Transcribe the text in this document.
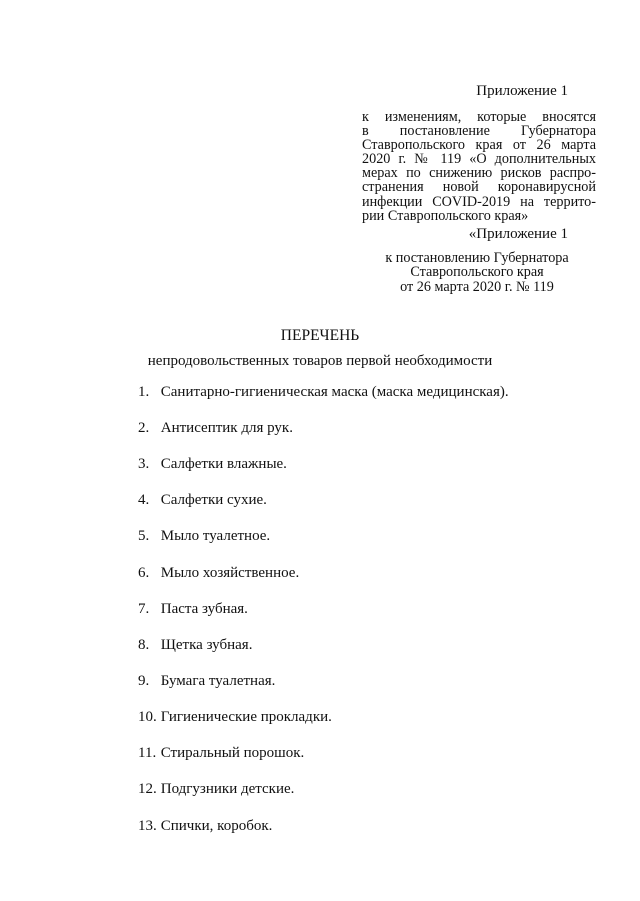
Приложение 1
к изменениям, которые вносятся
в постановление Губернатора
Ставропольского края от 26 марта
2020 г. № 119 «О дополнительных
мерах по снижению рисков распро-
странения новой коронавирусной
инфекции COVID-2019 на террито-
рии Ставропольского края»
«Приложение 1
к постановлению Губернатора
Ставропольского края
от 26 марта 2020 г. № 119
ПЕРЕЧЕНЬ
непродовольственных товаров первой необходимости
1. Санитарно-гигиеническая маска (маска медицинская).
2. Антисептик для рук.
3. Салфетки влажные.
4. Салфетки сухие.
5. Мыло туалетное.
6. Мыло хозяйственное.
7. Паста зубная.
8. Щетка зубная.
9. Бумага туалетная.
10. Гигиенические прокладки.
11. Стиральный порошок.
12. Подгузники детские.
13. Спички, коробок.
